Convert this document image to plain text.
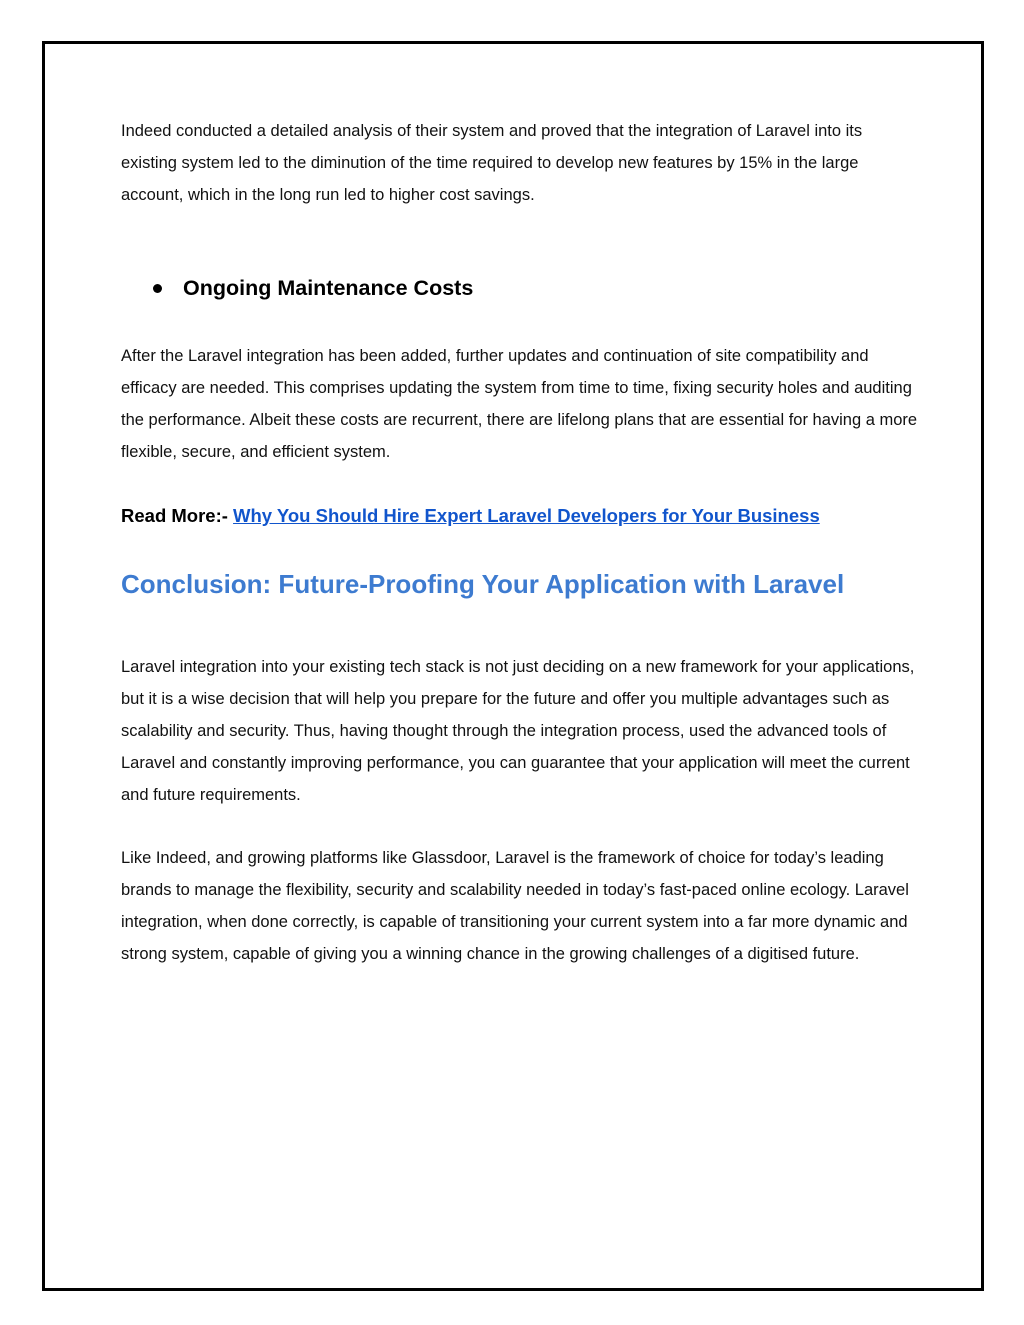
Indeed conducted a detailed analysis of their system and proved that the integration of Laravel into its existing system led to the diminution of the time required to develop new features by 15% in the large account, which in the long run led to higher cost savings.

Ongoing Maintenance Costs

After the Laravel integration has been added, further updates and continuation of site compatibility and efficacy are needed. This comprises updating the system from time to time, fixing security holes and auditing the performance. Albeit these costs are recurrent, there are lifelong plans that are essential for having a more flexible, secure, and efficient system.

Read More:- Why You Should Hire Expert Laravel Developers for Your Business

Conclusion: Future-Proofing Your Application with Laravel

Laravel integration into your existing tech stack is not just deciding on a new framework for your applications, but it is a wise decision that will help you prepare for the future and offer you multiple advantages such as scalability and security. Thus, having thought through the integration process, used the advanced tools of Laravel and constantly improving performance, you can guarantee that your application will meet the current and future requirements.

Like Indeed, and growing platforms like Glassdoor, Laravel is the framework of choice for today’s leading brands to manage the flexibility, security and scalability needed in today’s fast-paced online ecology. Laravel integration, when done correctly, is capable of transitioning your current system into a far more dynamic and strong system, capable of giving you a winning chance in the growing challenges of a digitised future.
